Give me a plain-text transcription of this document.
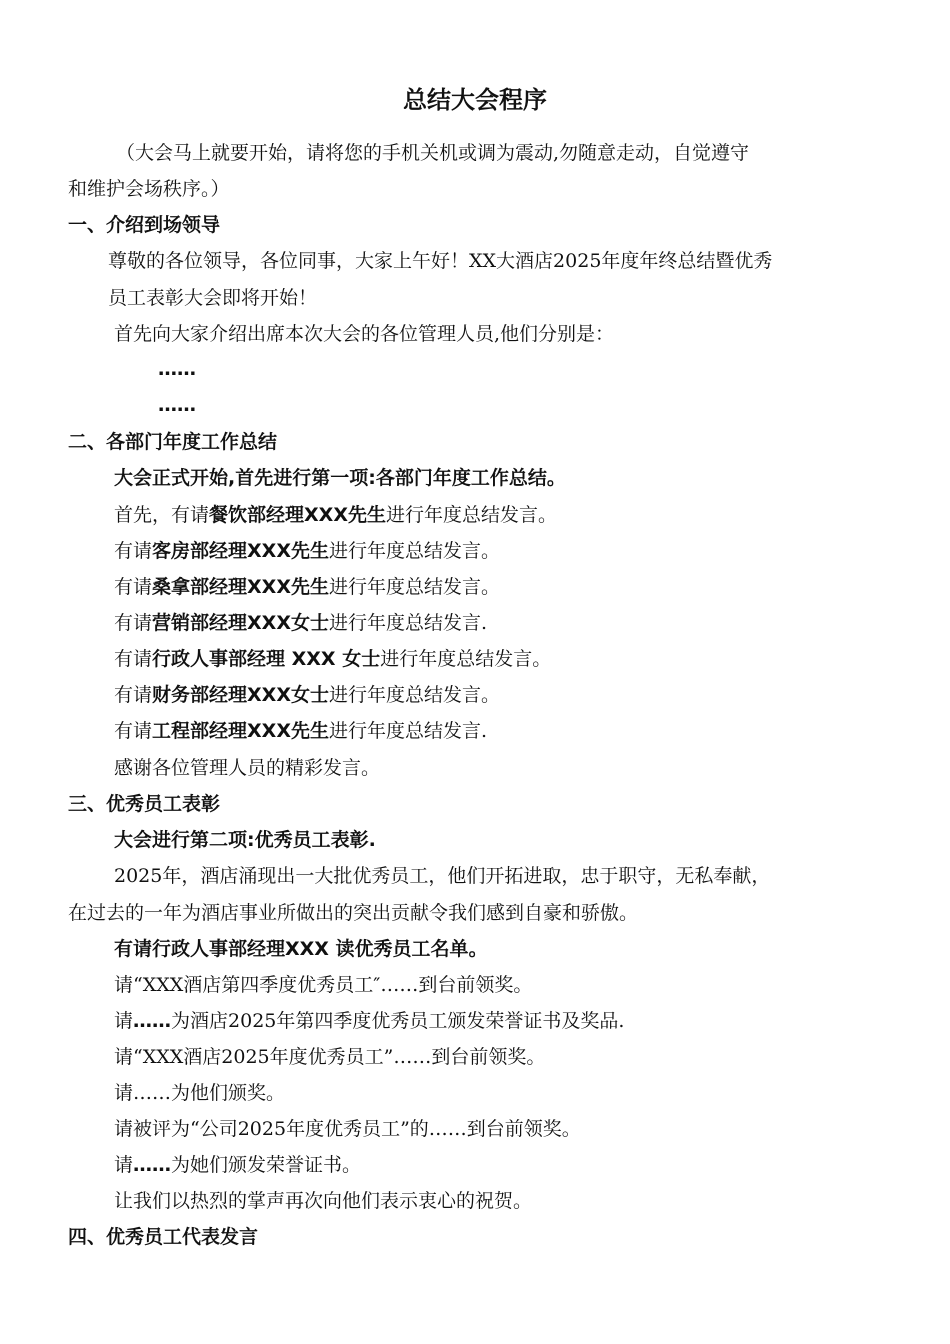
总结大会程序
（大会马上就要开始，请将您的手机关机或调为震动,勿随意走动，自觉遵守
和维护会场秩序。）
一、介绍到场领导
尊敬的各位领导，各位同事，大家上午好！XX大酒店2025年度年终总结暨优秀
员工表彰大会即将开始！
首先向大家介绍出席本次大会的各位管理人员,他们分别是：
……
……
二、各部门年度工作总结
大会正式开始,首先进行第一项:各部门年度工作总结。
首先，有请餐饮部经理XXX先生进行年度总结发言。
有请客房部经理XXX先生进行年度总结发言。
有请桑拿部经理XXX先生进行年度总结发言。
有请营销部经理XXX女士进行年度总结发言.
有请行政人事部经理 XXX 女士进行年度总结发言。
有请财务部经理XXX女士进行年度总结发言。
有请工程部经理XXX先生进行年度总结发言.
感谢各位管理人员的精彩发言。
三、优秀员工表彰
大会进行第二项:优秀员工表彰.
2025年，酒店涌现出一大批优秀员工，他们开拓进取，忠于职守，无私奉献，
在过去的一年为酒店事业所做出的突出贡献令我们感到自豪和骄傲。
有请行政人事部经理XXX 读优秀员工名单。
请“XXX酒店第四季度优秀员工″……到台前领奖。
请……为酒店2025年第四季度优秀员工颁发荣誉证书及奖品.
请“XXX酒店2025年度优秀员工”……到台前领奖。
请……为他们颁奖。
请被评为“公司2025年度优秀员工”的……到台前领奖。
请……为她们颁发荣誉证书。
让我们以热烈的掌声再次向他们表示衷心的祝贺。
四、优秀员工代表发言
